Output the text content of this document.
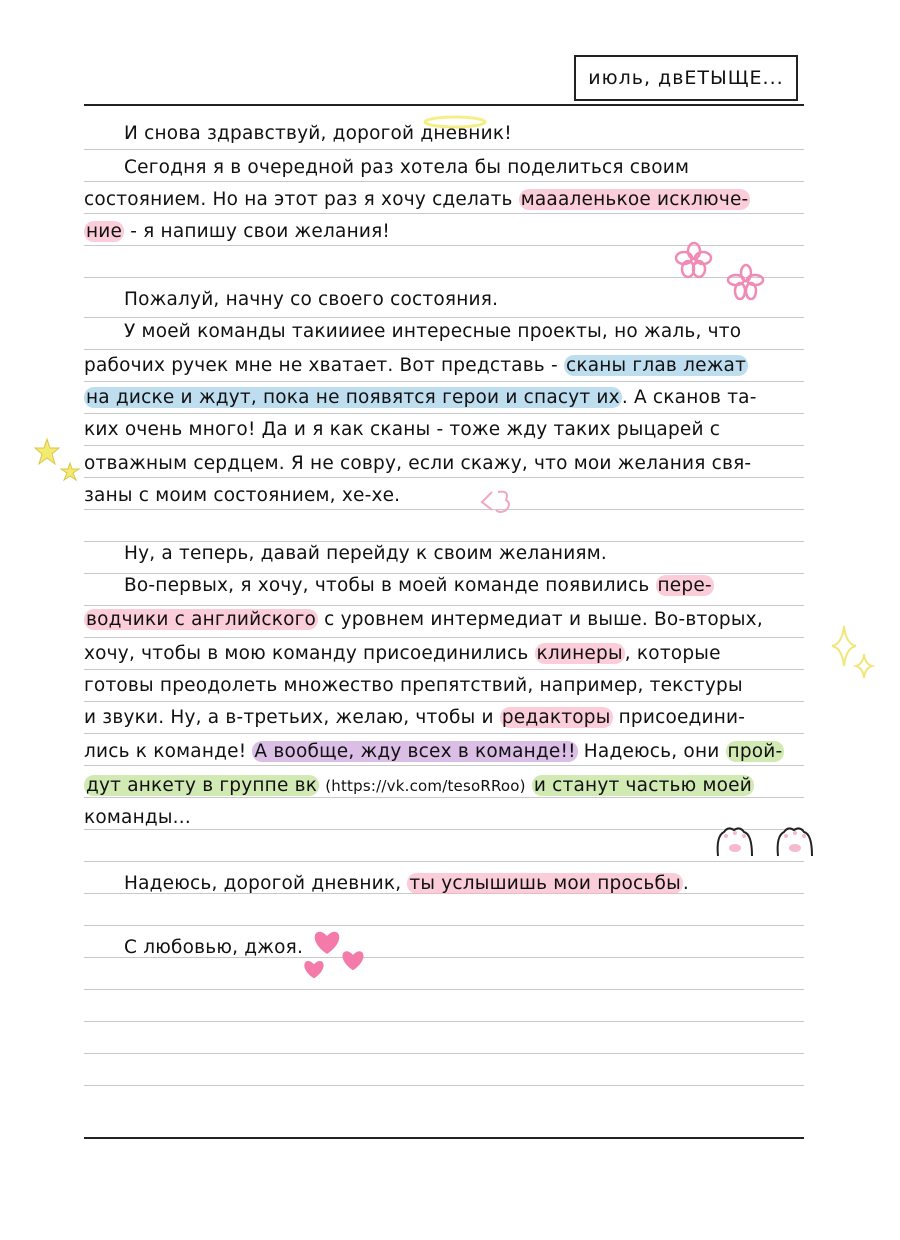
июль, двЕТЫЩЕ...
И снова здравствуй, дорогой дневник!
Сегодня я в очередной раз хотела бы поделиться своим
состоянием. Но на этот раз я хочу сделать маааленькое исключе-
ние - я напишу свои желания!
Пожалуй, начну со своего состояния.
У моей команды такиииее интересные проекты, но жаль, что
рабочих ручек мне не хватает. Вот представь - сканы глав лежат
на диске и ждут, пока не появятся герои и спасут их . А сканов та-
ких очень много! Да и я как сканы - тоже жду таких рыцарей с
отважным сердцем. Я не совру, если скажу, что мои желания свя-
заны с моим состоянием, хе-хе.
Ну, а теперь, давай перейду к своим желаниям.
Во-первых, я хочу, чтобы в моей команде появились пере-
водчики с английского с уровнем интермедиат и выше. Во-вторых,
хочу, чтобы в мою команду присоединились клинеры , которые
готовы преодолеть множество препятствий, например, текстуры
и звуки. Ну, а в-третьих, желаю, чтобы и редакторы присоедини-
лись к команде! А вообще, жду всех в команде!! Надеюсь, они прой-
дут анкету в группе вк (https://vk.com/tesoRRoo) и станут частью моей
команды...
Надеюсь, дорогой дневник, ты услышишь мои просьбы .
С любовью, джоя.
